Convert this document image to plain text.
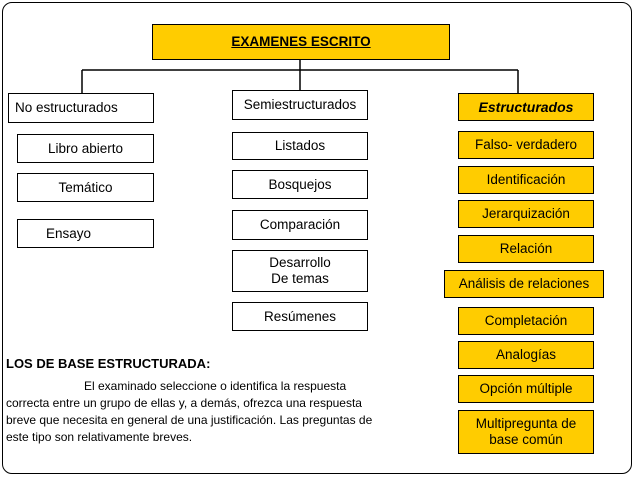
EXAMENES ESCRITO
No estructurados
Libro abierto
Temático
Ensayo
Semiestructurados
Listados
Bosquejos
Comparación
Desarrollo
De temas
Resúmenes
Estructurados
Falso- verdadero
Identificación
Jerarquización
Relación
Análisis de relaciones
Completación
Analogías
Opción múltiple
Multipregunta de
base común
LOS DE BASE ESTRUCTURADA:
El examinado seleccione o identifica la respuesta correcta entre un grupo de ellas y, a demás, ofrezca una respuesta breve que necesita en general de una justificación. Las preguntas de este tipo son relativamente breves.
